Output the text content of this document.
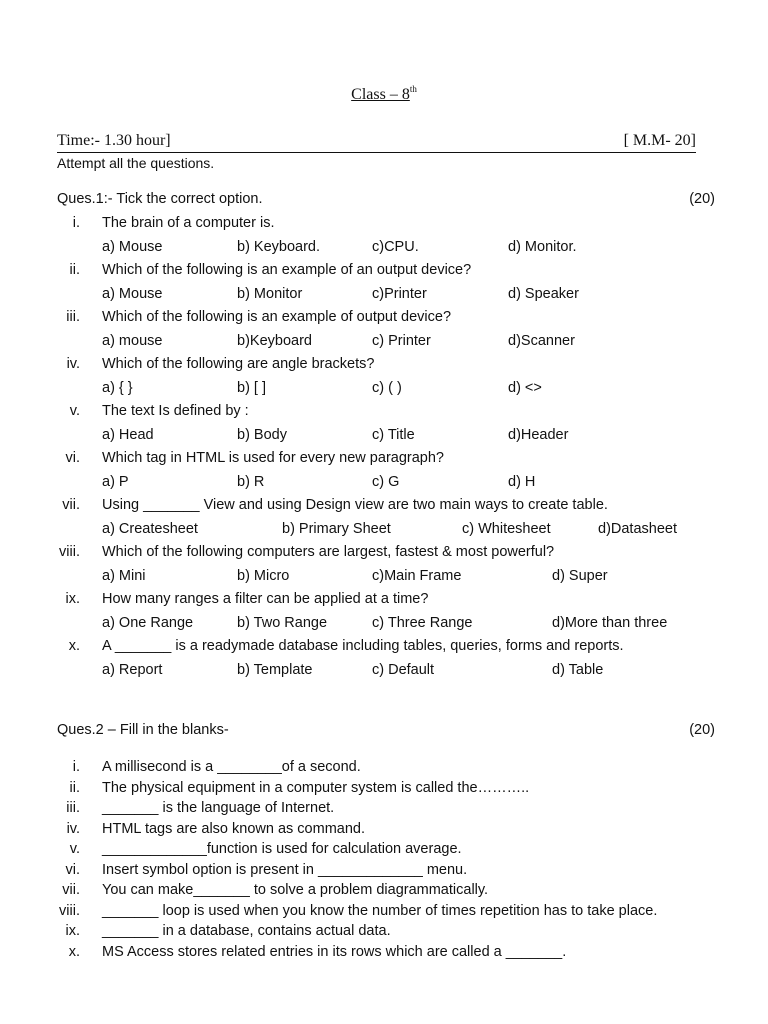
Class – 8th
Time:- 1.30 hour]	[ M.M- 20]
Attempt all the questions.
Ques.1:- Tick the correct option.	(20)
i. The brain of a computer is.
a) Mouse	b) Keyboard.	c)CPU.	d) Monitor.
ii. Which of the following is an example of an output device?
a) Mouse	b) Monitor	c)Printer	d) Speaker
iii. Which of the following is an example of output device?
a) mouse	b)Keyboard	c) Printer	d)Scanner
iv. Which of the following are angle brackets?
a) { }	b) [ ]	c) ( )	d) <>
v. The text Is defined by :
a) Head	b) Body	c) Title	d)Header
vi. Which tag in HTML is used for every new paragraph?
a) P	b) R	c) G	d) H
vii. Using _______ View and using Design view are two main ways to create table.
a) Createsheet	b) Primary Sheet	c) Whitesheet	d)Datasheet
viii. Which of the following computers are largest, fastest & most powerful?
a) Mini	b) Micro	c)Main Frame	d) Super
ix. How many ranges a filter can be applied at a time?
a) One Range	b) Two Range	c) Three Range	d)More than three
x. A _______ is a readymade database including tables, queries, forms and reports.
a) Report	b) Template	c) Default	d) Table
Ques.2 – Fill in the blanks-	(20)
i. A millisecond is a ________of a second.
ii. The physical equipment in a computer system is called the………..
iii. _______ is the language of Internet.
iv. HTML tags are also known as command.
v. _____________function is used for calculation average.
vi. Insert symbol option is present in _____________ menu.
vii. You can make_______ to solve a problem diagrammatically.
viii. _______ loop is used when you know the number of times repetition has to take place.
ix. _______ in a database, contains actual data.
x. MS Access stores related entries in its rows which are called a _______.
